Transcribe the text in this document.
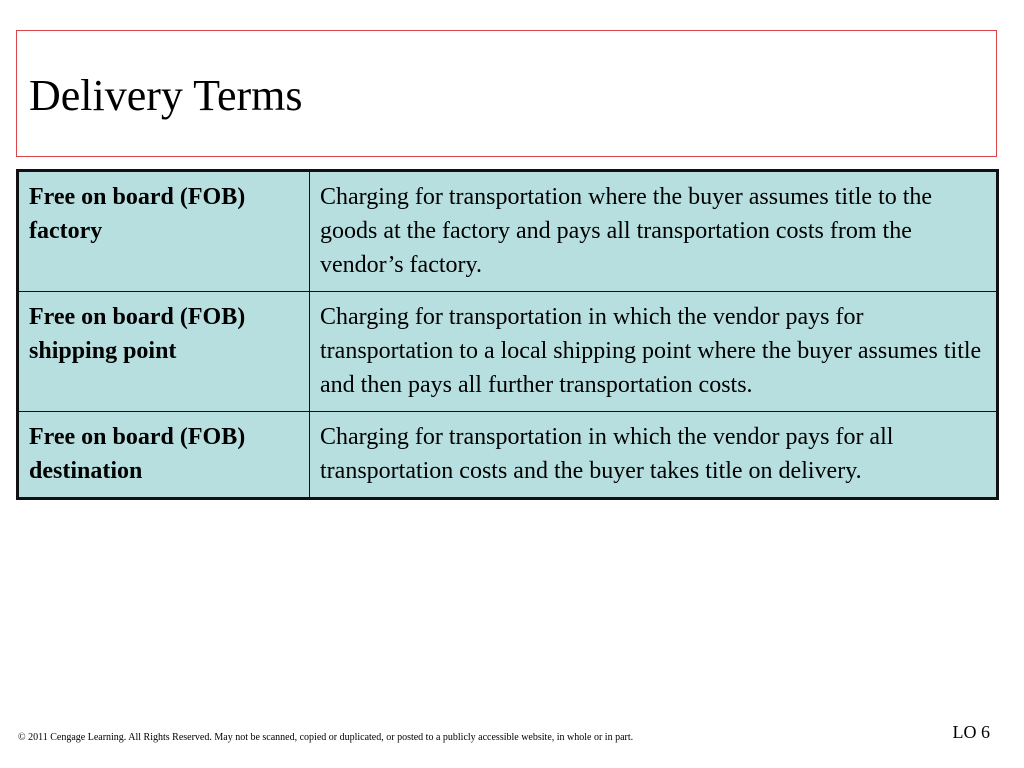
Delivery Terms
Free on board (FOB) factory	Charging for transportation where the buyer assumes title to the goods at the factory and pays all transportation costs from the vendor’s factory.
Free on board (FOB) shipping point	Charging for transportation in which the vendor pays for transportation to a local shipping point where the buyer assumes title and then pays all further transportation costs.
Free on board (FOB) destination	Charging for transportation in which the vendor pays for all transportation costs and the buyer takes title on delivery.
© 2011 Cengage Learning. All Rights Reserved. May not be scanned, copied or duplicated, or posted to a publicly accessible website, in whole or in part.	LO 6
